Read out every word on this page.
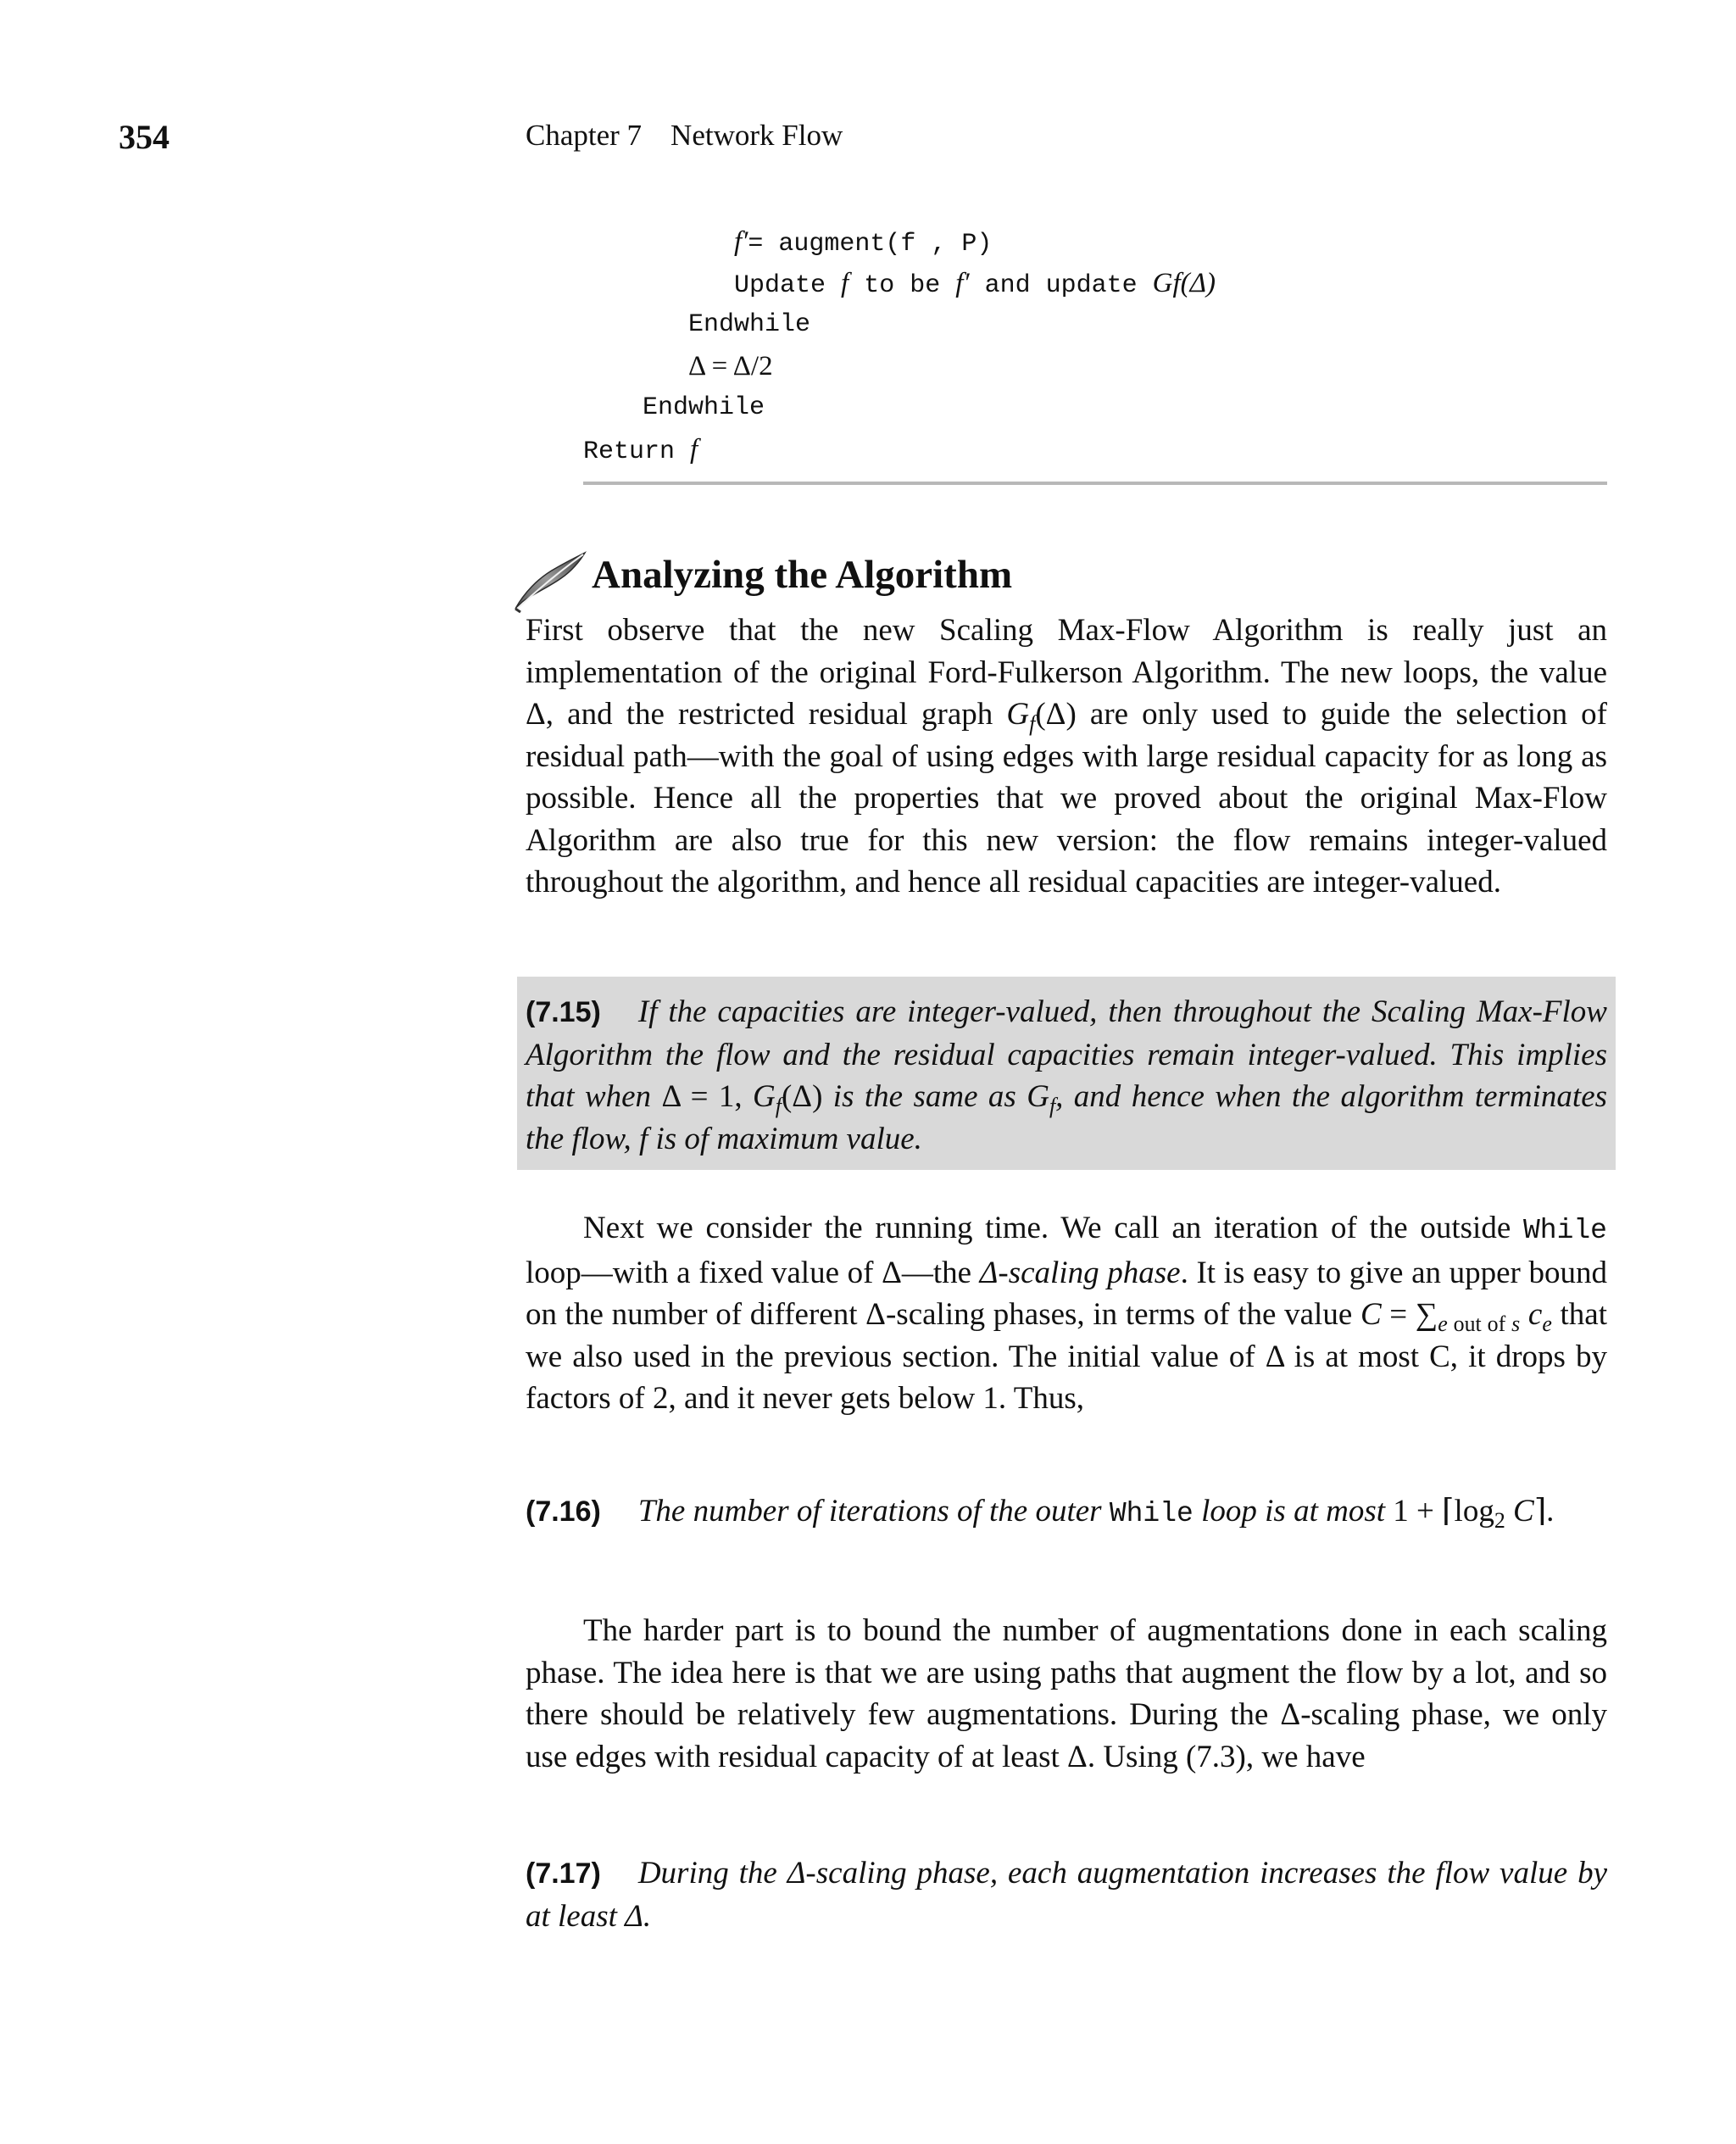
354	Chapter 7 Network Flow
f′= augment(f , P)
Update f to be f′ and update Gf(Δ)
Endwhile
Δ = Δ/2
Endwhile
Return f
Analyzing the Algorithm

First observe that the new Scaling Max-Flow Algorithm is really just an implementation of the original Ford-Fulkerson Algorithm. The new loops, the value Δ, and the restricted residual graph $G_f(\Delta)$ are only used to guide the selection of residual path—with the goal of using edges with large residual capacity for as long as possible. Hence all the properties that we proved about the original Max-Flow Algorithm are also true for this new version: the flow remains integer-valued throughout the algorithm, and hence all residual capacities are integer-valued.

(7.15) If the capacities are integer-valued, then throughout the Scaling Max-Flow Algorithm the flow and the residual capacities remain integer-valued. This implies that when Δ = 1, $G_f(\Delta)$ is the same as $G_f$, and hence when the algorithm terminates the flow, f is of maximum value.

Next we consider the running time. We call an iteration of the outside While loop—with a fixed value of Δ—the Δ-scaling phase. It is easy to give an upper bound on the number of different Δ-scaling phases, in terms of the value $C = \sum_{e out of s}$ $c_e$ that we also used in the previous section. The initial value of Δ is at most C, it drops by factors of 2, and it never gets below 1. Thus,

(7.16) The number of iterations of the outer While loop is at most $1 + ⌈\log_2$ C⌉.

The harder part is to bound the number of augmentations done in each scaling phase. The idea here is that we are using paths that augment the flow by a lot, and so there should be relatively few augmentations. During the Δ-scaling phase, we only use edges with residual capacity of at least Δ. Using (7.3), we have

(7.17) During the Δ-scaling phase, each augmentation increases the flow value by at least Δ.
